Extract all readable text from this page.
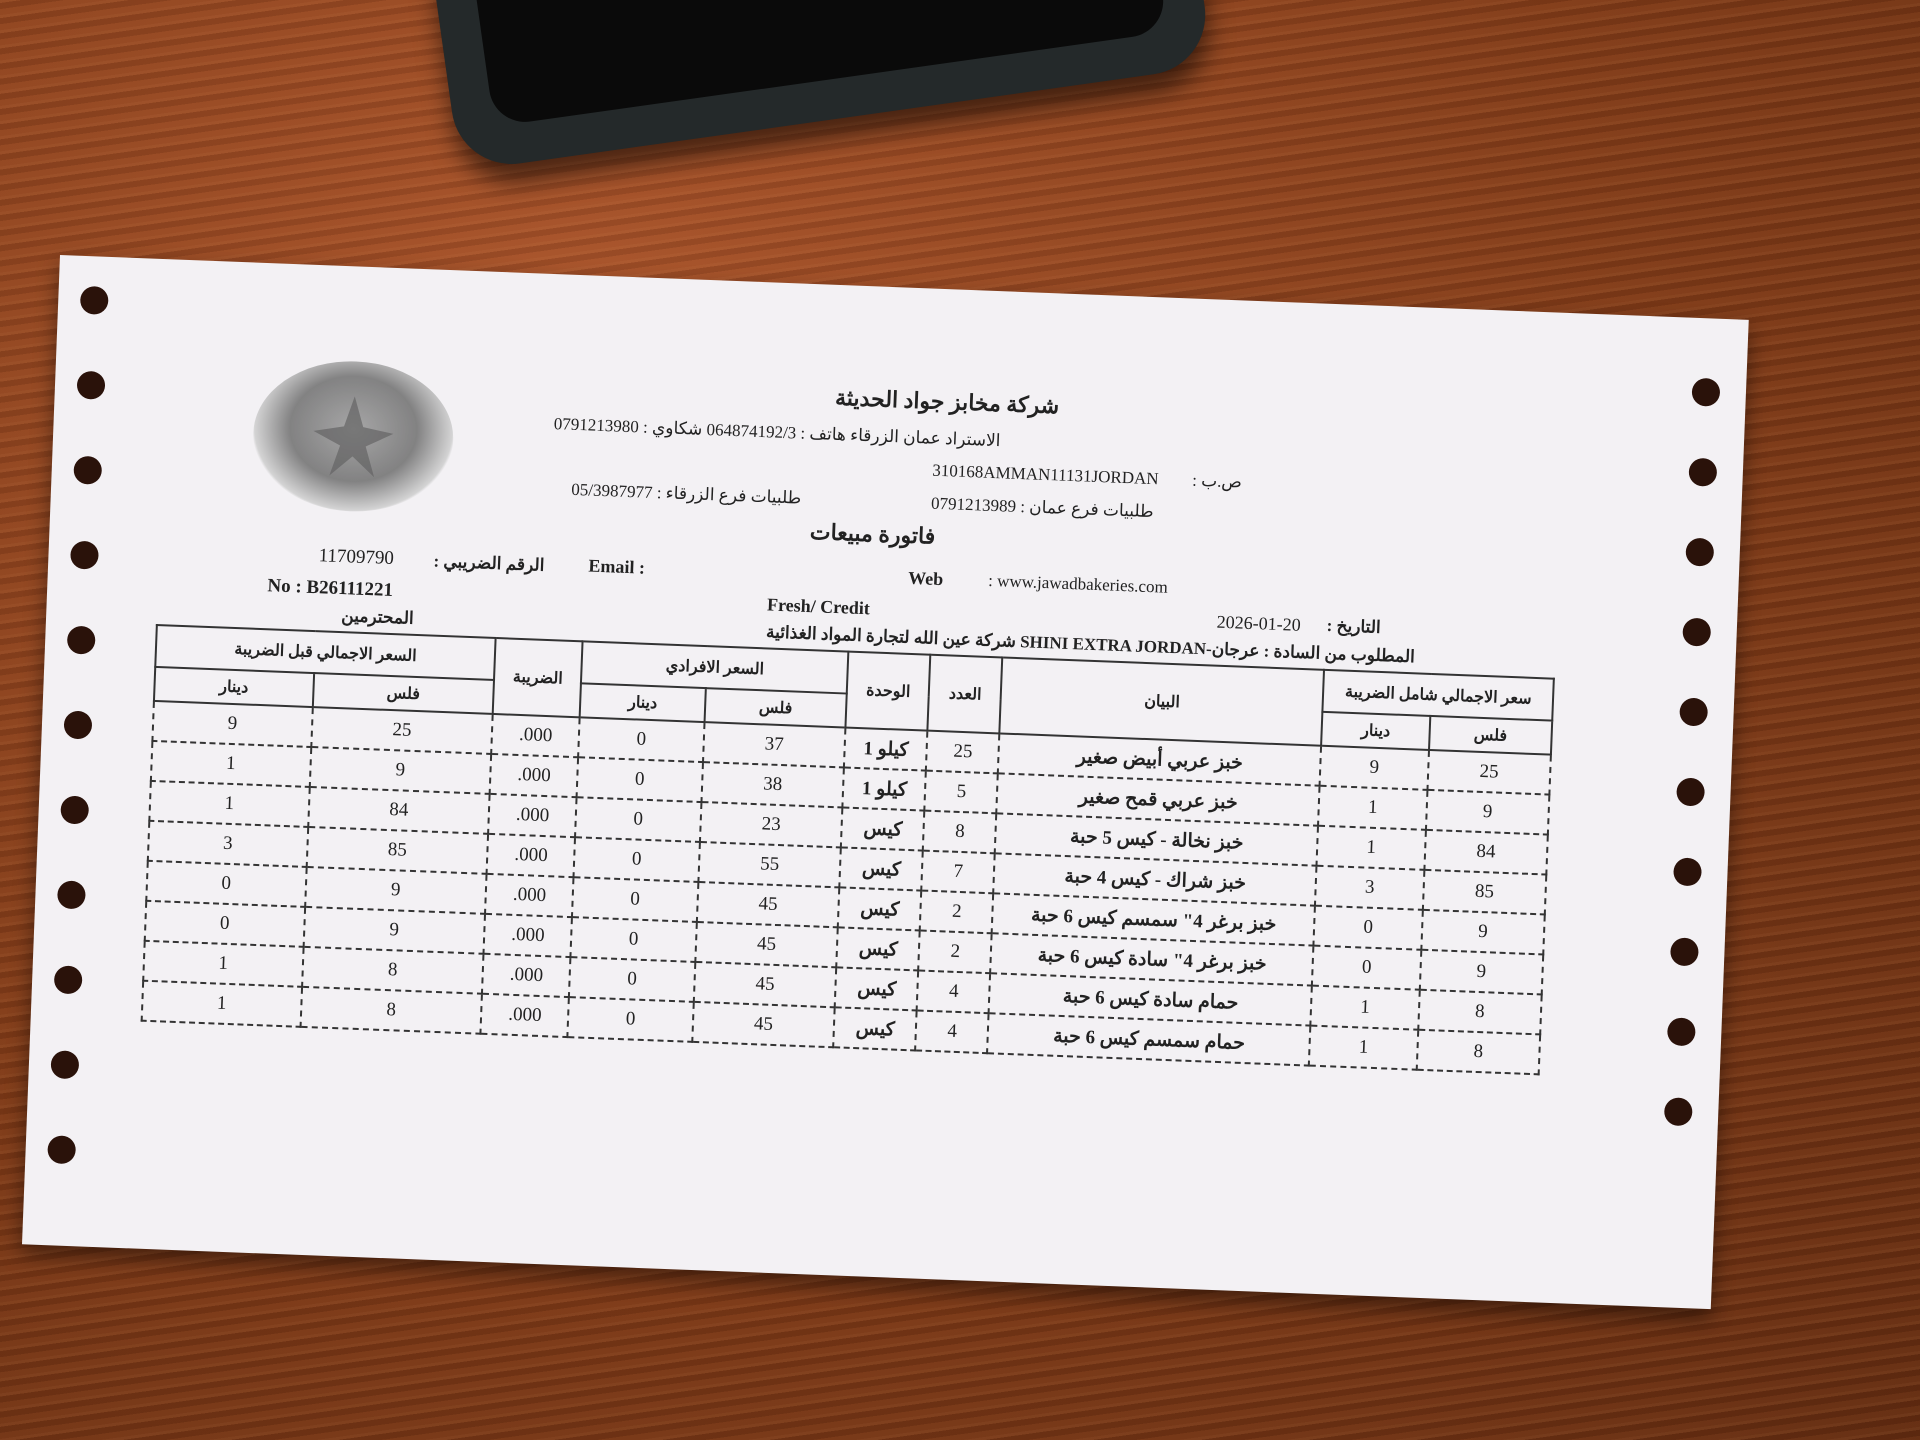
شركة مخابز جواد الحديثة
الاستراد عمان الزرقاء هاتف : 064874192/3 شكاوي : 0791213980
310168AMMAN11131JORDAN ص.ب :
طلبيات فرع عمان : 0791213989
طلبيات فرع الزرقاء : 05/3987977
فاتورة مبيعات
11709790 الرقم الضريبي : Email :
Web	: www.jawadbakeries.com
No : B26111221
Fresh/ Credit
2026-01-20 التاريخ :
المحترمين
المطلوب من السادة : عرجان-SHINI EXTRA JORDAN شركة عين الله لتجارة المواد الغذائية
السعر الاجمالي قبل الضريبة		الضريبة	السعر الافرادي		الوحدة	العدد	البيان	سعر الاجمالي شامل الضريبة	
دينار	فلس		دينار	فلس				دينار	فلس
9	25	.000	0	37	كيلو 1	25	خبز عربي أبيض صغير	9	25
1	9	.000	0	38	كيلو 1	5	خبز عربي قمح صغير	1	9
1	84	.000	0	23	كيس	8	خبز نخالة - كيس 5 حبة	1	84
3	85	.000	0	55	كيس	7	خبز شراك - كيس 4 حبة	3	85
0	9	.000	0	45	كيس	2	خبز برغر 4" سمسم كيس 6 حبة	0	9
0	9	.000	0	45	كيس	2	خبز برغر 4" سادة كيس 6 حبة	0	9
1	8	.000	0	45	كيس	4	حمام سادة كيس 6 حبة	1	8
1	8	.000	0	45	كيس	4	حمام سمسم كيس 6 حبة	1	8
